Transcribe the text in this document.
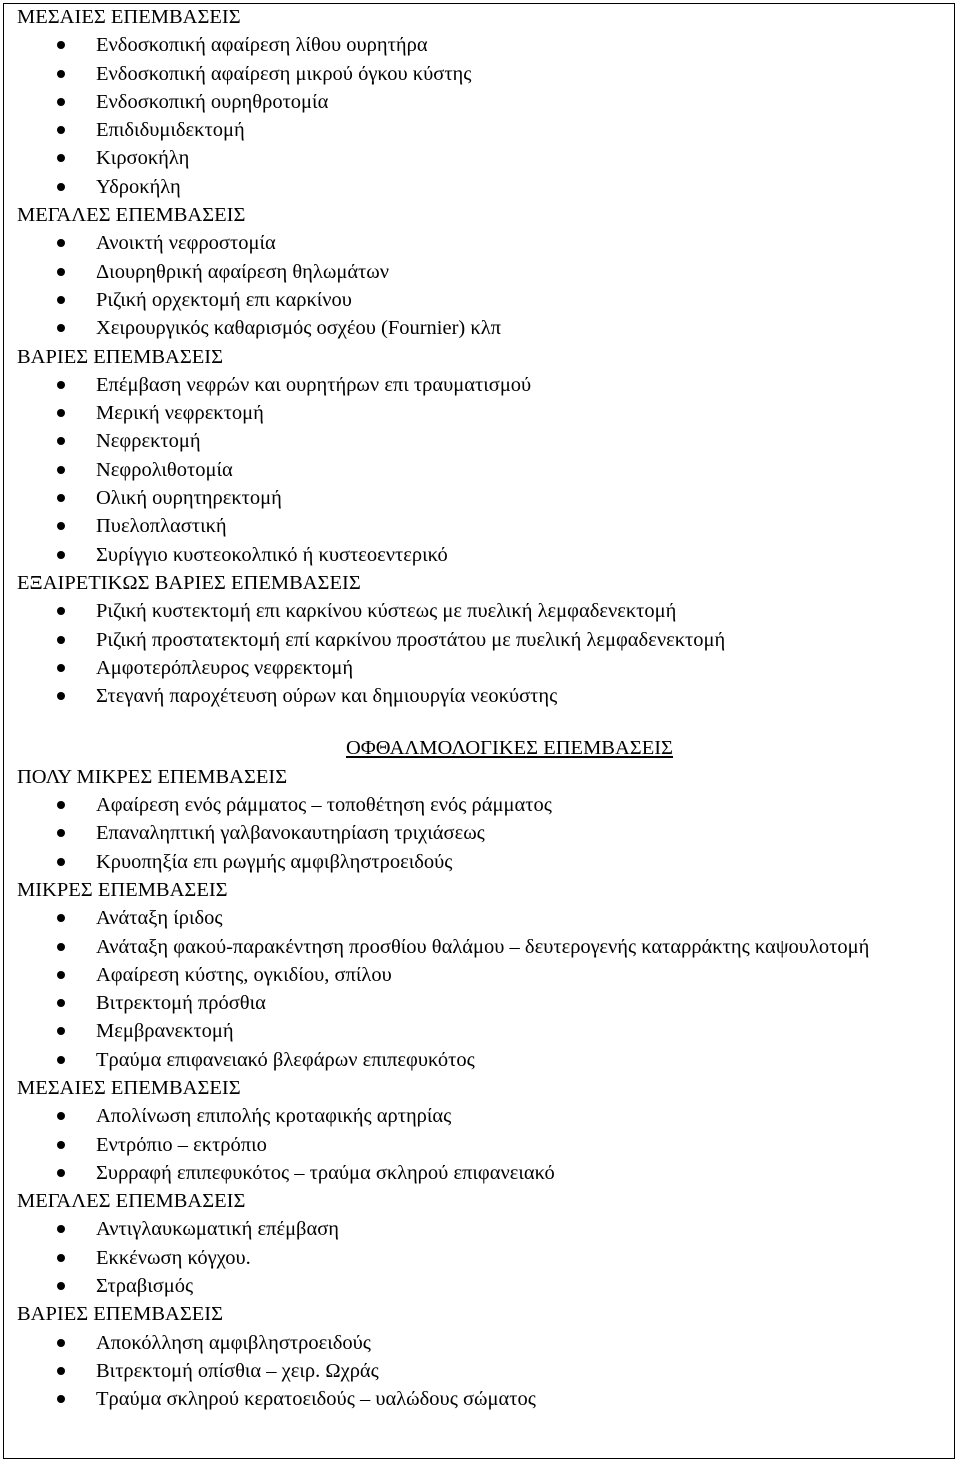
ΜΕΣΑΙΕΣ ΕΠΕΜΒΑΣΕΙΣ
Ενδοσκοπική αφαίρεση λίθου ουρητήρα
Ενδοσκοπική αφαίρεση μικρού όγκου κύστης
Ενδοσκοπική ουρηθροτομία
Επιδιδυμιδεκτομή
Κιρσοκήλη
Υδροκήλη
ΜΕΓΑΛΕΣ ΕΠΕΜΒΑΣΕΙΣ
Ανοικτή νεφροστομία
Διουρηθρική αφαίρεση θηλωμάτων
Ριζική ορχεκτομή επι καρκίνου
Χειρουργικός καθαρισμός οσχέου (Fournier) κλπ
ΒΑΡΙΕΣ ΕΠΕΜΒΑΣΕΙΣ
Επέμβαση νεφρών και ουρητήρων επι τραυματισμού
Μερική νεφρεκτομή
Νεφρεκτομή
Νεφρολιθοτομία
Ολική ουρητηρεκτομή
Πυελοπλαστική
Συρίγγιο κυστεοκολπικό ή κυστεοεντερικό
ΕΞΑΙΡΕΤΙΚΩΣ ΒΑΡΙΕΣ ΕΠΕΜΒΑΣΕΙΣ
Ριζική κυστεκτομή επι καρκίνου κύστεως με πυελική λεμφαδενεκτομή
Ριζική προστατεκτομή επί καρκίνου προστάτου με πυελική λεμφαδενεκτομή
Αμφοτερόπλευρος νεφρεκτομή
Στεγανή παροχέτευση ούρων και δημιουργία νεοκύστης
ΟΦΘΑΛΜΟΛΟΓΙΚΕΣ ΕΠΕΜΒΑΣΕΙΣ
ΠΟΛΥ ΜΙΚΡΕΣ ΕΠΕΜΒΑΣΕΙΣ
Αφαίρεση ενός ράμματος – τοποθέτηση ενός ράμματος
Επαναληπτική γαλβανοκαυτηρίαση τριχιάσεως
Κρυοπηξία επι ρωγμής αμφιβληστροειδούς
ΜΙΚΡΕΣ ΕΠΕΜΒΑΣΕΙΣ
Ανάταξη ίριδος
Ανάταξη φακού-παρακέντηση προσθίου θαλάμου – δευτερογενής καταρράκτης καψουλοτομή
Αφαίρεση κύστης, ογκιδίου, σπίλου
Βιτρεκτομή πρόσθια
Μεμβρανεκτομή
Τραύμα επιφανειακό βλεφάρων επιπεφυκότος
ΜΕΣΑΙΕΣ ΕΠΕΜΒΑΣΕΙΣ
Απολίνωση επιπολής κροταφικής αρτηρίας
Εντρόπιο – εκτρόπιο
Συρραφή επιπεφυκότος – τραύμα σκληρού επιφανειακό
ΜΕΓΑΛΕΣ ΕΠΕΜΒΑΣΕΙΣ
Αντιγλαυκωματική επέμβαση
Εκκένωση κόγχου.
Στραβισμός
ΒΑΡΙΕΣ ΕΠΕΜΒΑΣΕΙΣ
Αποκόλληση αμφιβληστροειδούς
Βιτρεκτομή οπίσθια – χειρ. Ωχράς
Τραύμα σκληρού κερατοειδούς – υαλώδους σώματος
